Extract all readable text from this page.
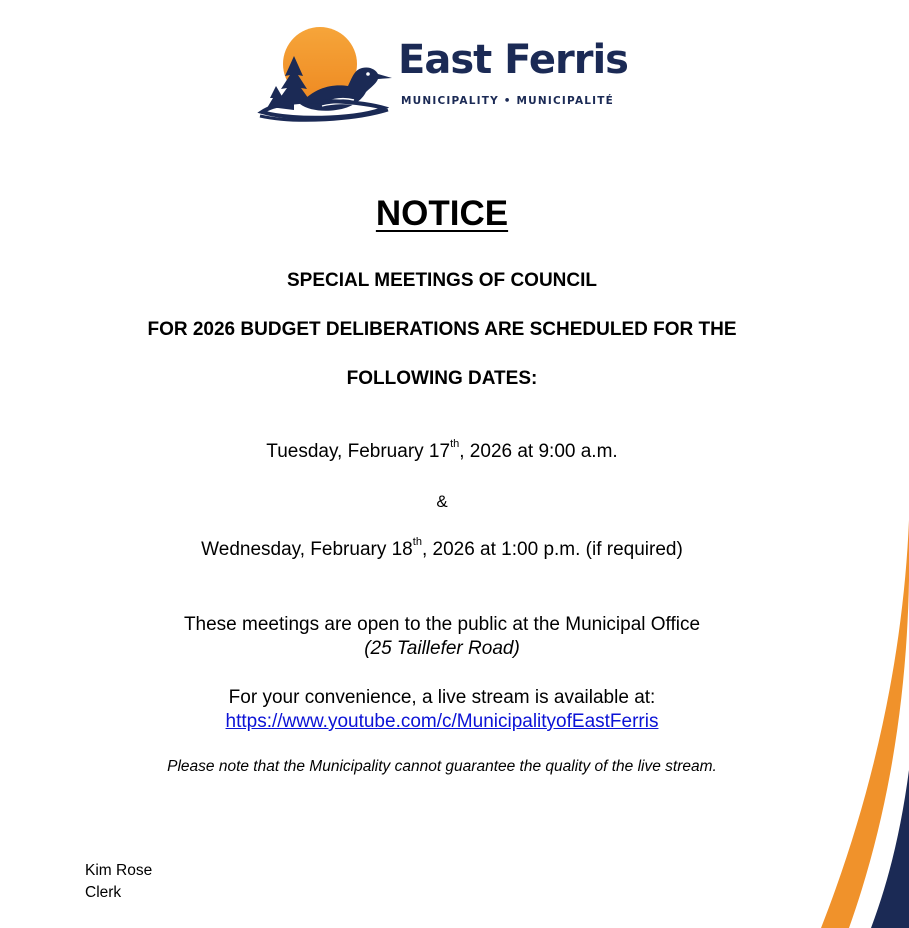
East Ferris
MUNICIPALITY • MUNICIPALITÉ
NOTICE
SPECIAL MEETINGS OF COUNCIL
FOR 2026 BUDGET DELIBERATIONS ARE SCHEDULED FOR THE
FOLLOWING DATES:
Tuesday, February 17th, 2026 at 9:00 a.m.
&
Wednesday, February 18th, 2026 at 1:00 p.m. (if required)
These meetings are open to the public at the Municipal Office
(25 Taillefer Road)
For your convenience, a live stream is available at:
https://www.youtube.com/c/MunicipalityofEastFerris
Please note that the Municipality cannot guarantee the quality of the live stream.
Kim Rose
Clerk
